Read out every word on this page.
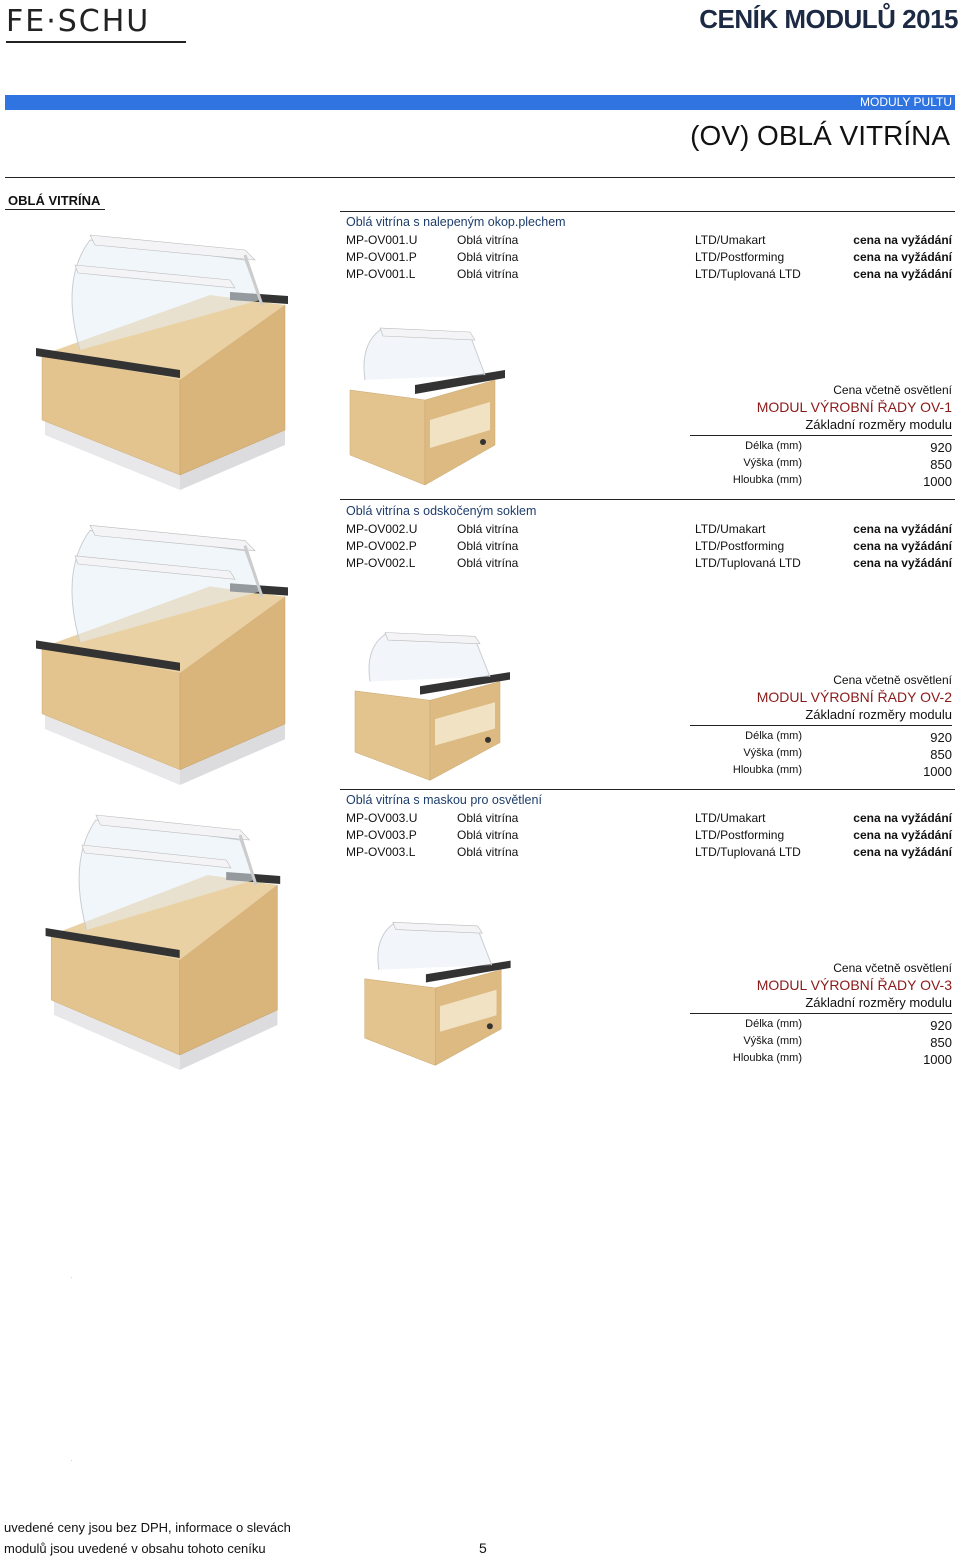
FE·SCHU	CENÍK MODULŮ 2015
MODULY PULTU
(OV) OBLÁ VITRÍNA
OBLÁ VITRÍNA
Oblá vitrína s nalepeným okop.plechem
MP-OV001.U	Oblá vitrína	LTD/Umakart	cena na vyžádání
MP-OV001.P	Oblá vitrína	LTD/Postforming	cena na vyžádání
MP-OV001.L	Oblá vitrína	LTD/Tuplovaná LTD	cena na vyžádání
Cena včetně osvětlení
MODUL VÝROBNÍ ŘADY OV-1
Základní rozměry modulu
Délka (mm)	920
Výška (mm)	850
Hloubka (mm)	1000
Oblá vitrína s odskočeným soklem
MP-OV002.U	Oblá vitrína	LTD/Umakart	cena na vyžádání
MP-OV002.P	Oblá vitrína	LTD/Postforming	cena na vyžádání
MP-OV002.L	Oblá vitrína	LTD/Tuplovaná LTD	cena na vyžádání
Cena včetně osvětlení
MODUL VÝROBNÍ ŘADY OV-2
Základní rozměry modulu
Délka (mm)	920
Výška (mm)	850
Hloubka (mm)	1000
Oblá vitrína s maskou pro osvětlení
MP-OV003.U	Oblá vitrína	LTD/Umakart	cena na vyžádání
MP-OV003.P	Oblá vitrína	LTD/Postforming	cena na vyžádání
MP-OV003.L	Oblá vitrína	LTD/Tuplovaná LTD	cena na vyžádání
Cena včetně osvětlení
MODUL VÝROBNÍ ŘADY OV-3
Základní rozměry modulu
Délka (mm)	920
Výška (mm)	850
Hloubka (mm)	1000
·
·
uvedené ceny jsou bez DPH, informace o slevách
modulů jsou uvedené v obsahu tohoto ceníku	5
